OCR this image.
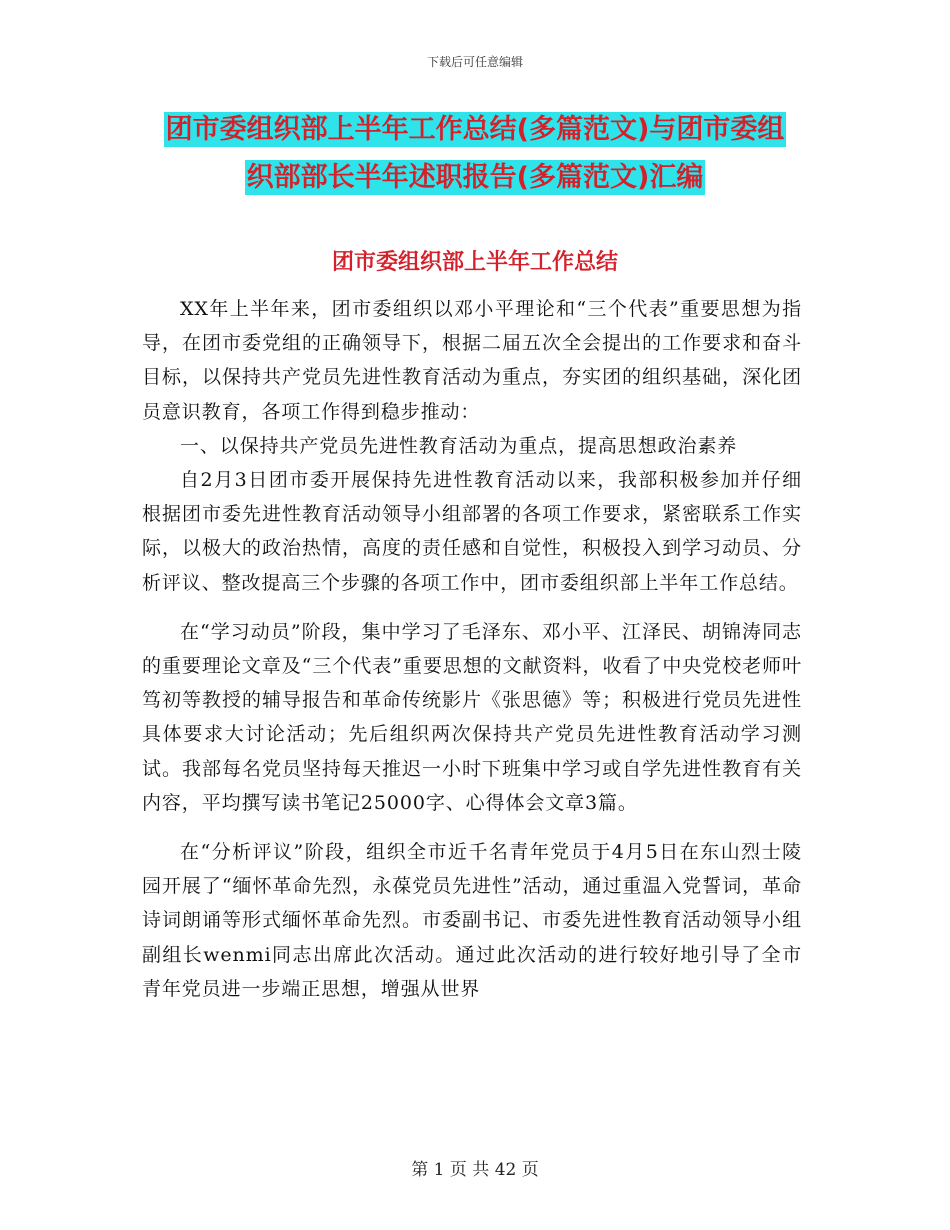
下载后可任意编辑
团市委组织部上半年工作总结(多篇范文)与团市委组
织部部长半年述职报告(多篇范文)汇编
团市委组织部上半年工作总结

XX年上半年来，团市委组织以邓小平理论和“三个代表”重要思想为指导，在团市委党组的正确领导下，根据二届五次全会提出的工作要求和奋斗目标，以保持共产党员先进性教育活动为重点，夯实团的组织基础，深化团员意识教育，各项工作得到稳步推动：

一、以保持共产党员先进性教育活动为重点，提高思想政治素养

自2月3日团市委开展保持先进性教育活动以来，我部积极参加并仔细根据团市委先进性教育活动领导小组部署的各项工作要求，紧密联系工作实际，以极大的政治热情，高度的责任感和自觉性，积极投入到学习动员、分析评议、整改提高三个步骤的各项工作中，团市委组织部上半年工作总结。

在“学习动员”阶段，集中学习了毛泽东、邓小平、江泽民、胡锦涛同志的重要理论文章及“三个代表”重要思想的文献资料，收看了中央党校老师叶笃初等教授的辅导报告和革命传统影片《张思德》等；积极进行党员先进性具体要求大讨论活动；先后组织两次保持共产党员先进性教育活动学习测试。我部每名党员坚持每天推迟一小时下班集中学习或自学先进性教育有关内容，平均撰写读书笔记25000字、心得体会文章3篇。

在“分析评议”阶段，组织全市近千名青年党员于4月5日在东山烈士陵园开展了“缅怀革命先烈，永葆党员先进性”活动，通过重温入党誓词，革命诗词朗诵等形式缅怀革命先烈。市委副书记、市委先进性教育活动领导小组副组长wenmi同志出席此次活动。通过此次活动的进行较好地引导了全市青年党员进一步端正思想，增强从世界

第 1 页 共 42 页
